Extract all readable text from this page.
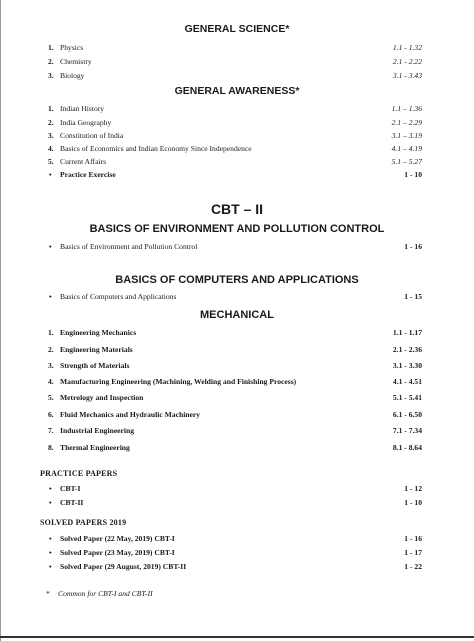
GENERAL SCIENCE*
1. Physics	1.1 - 1.32
2. Chemistry	2.1 - 2.22
3. Biology	3.1 - 3.43
GENERAL AWARENESS*
1. Indian History	1.1 – 1.36
2. India Geography	2.1 – 2.29
3. Constitution of India	3.1 – 3.19
4. Basics of Economics and Indian Economy Since Independence	4.1 – 4.19
5. Current Affairs	5.1 – 5.27
• Practice Exercise	1 - 10
CBT – II
BASICS OF ENVIRONMENT AND POLLUTION CONTROL
• Basics of Environment and Pollution Control	1 - 16
BASICS OF COMPUTERS AND APPLICATIONS
• Basics of Computers and Applications	1 - 15
MECHANICAL
1. Engineering Mechanics	1.1 - 1.17
2. Engineering Materials	2.1 - 2.36
3. Strength of Materials	3.1 - 3.30
4. Manufacturing Engineering (Machining, Welding and Finishing Process)	4.1 - 4.51
5. Metrology and Inspection	5.1 - 5.41
6. Fluid Mechanics and Hydraulic Machinery	6.1 - 6.50
7. Industrial Engineering	7.1 - 7.34
8. Thermal Engineering	8.1 - 8.64
PRACTICE PAPERS
• CBT-I	1 - 12
• CBT-II	1 - 10
SOLVED PAPERS 2019
• Solved Paper (22 May, 2019) CBT-I	1 - 16
• Solved Paper (23 May, 2019) CBT-I	1 - 17
• Solved Paper (29 August, 2019) CBT-II	1 - 22
* Common for CBT-I and CBT-II
